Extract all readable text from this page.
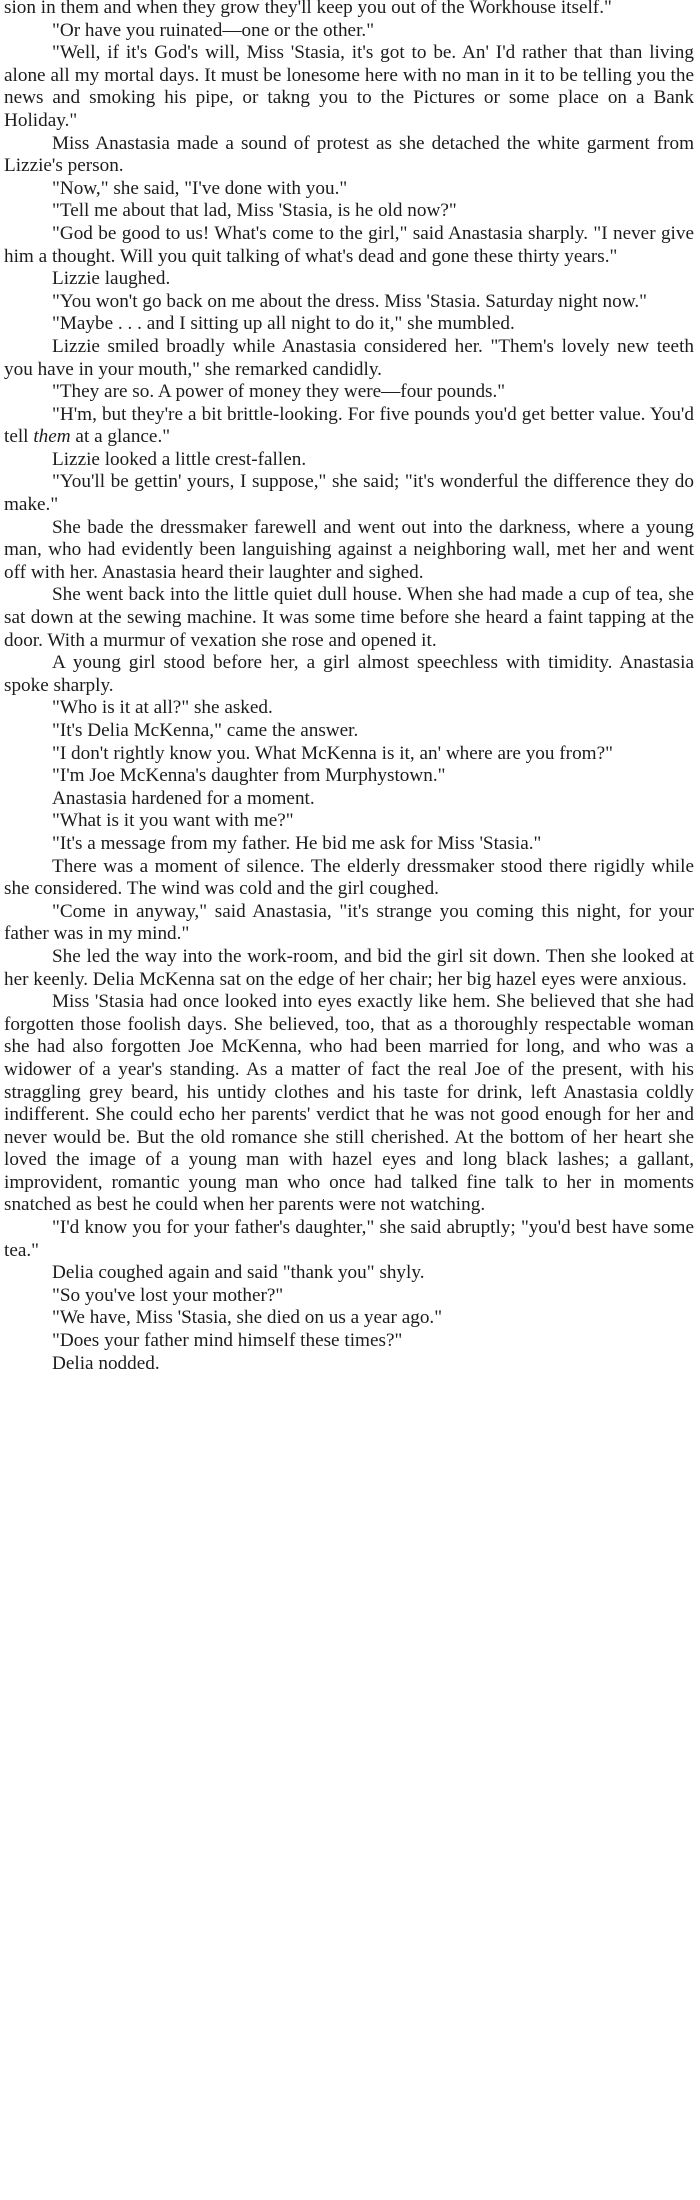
sion in them and when they grow they'll keep you out of the Workhouse itself."

"Or have you ruinated—one or the other."

"Well, if it's God's will, Miss 'Stasia, it's got to be. An' I'd rather that than living alone all my mortal days. It must be lonesome here with no man in it to be telling you the news and smoking his pipe, or takng you to the Pictures or some place on a Bank Holiday."

Miss Anastasia made a sound of protest as she detached the white garment from Lizzie's person.

"Now," she said, "I've done with you."

"Tell me about that lad, Miss 'Stasia, is he old now?"

"God be good to us! What's come to the girl," said Anastasia sharply. "I never give him a thought. Will you quit talking of what's dead and gone these thirty years."

Lizzie laughed.

"You won't go back on me about the dress. Miss 'Stasia. Saturday night now."

"Maybe . . . and I sitting up all night to do it," she mumbled.

Lizzie smiled broadly while Anastasia considered her. "Them's lovely new teeth you have in your mouth," she remarked candidly.

"They are so. A power of money they were—four pounds."

"H'm, but they're a bit brittle-looking. For five pounds you'd get better value. You'd tell them at a glance."

Lizzie looked a little crest-fallen.

"You'll be gettin' yours, I suppose," she said; "it's wonderful the difference they do make."

She bade the dressmaker farewell and went out into the darkness, where a young man, who had evidently been languishing against a neighboring wall, met her and went off with her. Anastasia heard their laughter and sighed.

She went back into the little quiet dull house. When she had made a cup of tea, she sat down at the sewing machine. It was some time before she heard a faint tapping at the door. With a murmur of vexation she rose and opened it.

A young girl stood before her, a girl almost speechless with timidity. Anastasia spoke sharply.

"Who is it at all?" she asked.

"It's Delia McKenna," came the answer.

"I don't rightly know you. What McKenna is it, an' where are you from?"

"I'm Joe McKenna's daughter from Murphystown."

Anastasia hardened for a moment.

"What is it you want with me?"

"It's a message from my father. He bid me ask for Miss 'Stasia."

There was a moment of silence. The elderly dressmaker stood there rigidly while she considered. The wind was cold and the girl coughed.

"Come in anyway," said Anastasia, "it's strange you coming this night, for your father was in my mind."

She led the way into the work-room, and bid the girl sit down. Then she looked at her keenly. Delia McKenna sat on the edge of her chair; her big hazel eyes were anxious.

Miss 'Stasia had once looked into eyes exactly like hem. She believed that she had forgotten those foolish days. She believed, too, that as a thoroughly respectable woman she had also forgotten Joe McKenna, who had been married for long, and who was a widower of a year's standing. As a matter of fact the real Joe of the present, with his straggling grey beard, his untidy clothes and his taste for drink, left Anastasia coldly indifferent. She could echo her parents' verdict that he was not good enough for her and never would be. But the old romance she still cherished. At the bottom of her heart she loved the image of a young man with hazel eyes and long black lashes; a gallant, improvident, romantic young man who once had talked fine talk to her in moments snatched as best he could when her parents were not watching.

"I'd know you for your father's daughter," she said abruptly; "you'd best have some tea."

Delia coughed again and said "thank you" shyly.

"So you've lost your mother?"

"We have, Miss 'Stasia, she died on us a year ago."

"Does your father mind himself these times?"

Delia nodded.
